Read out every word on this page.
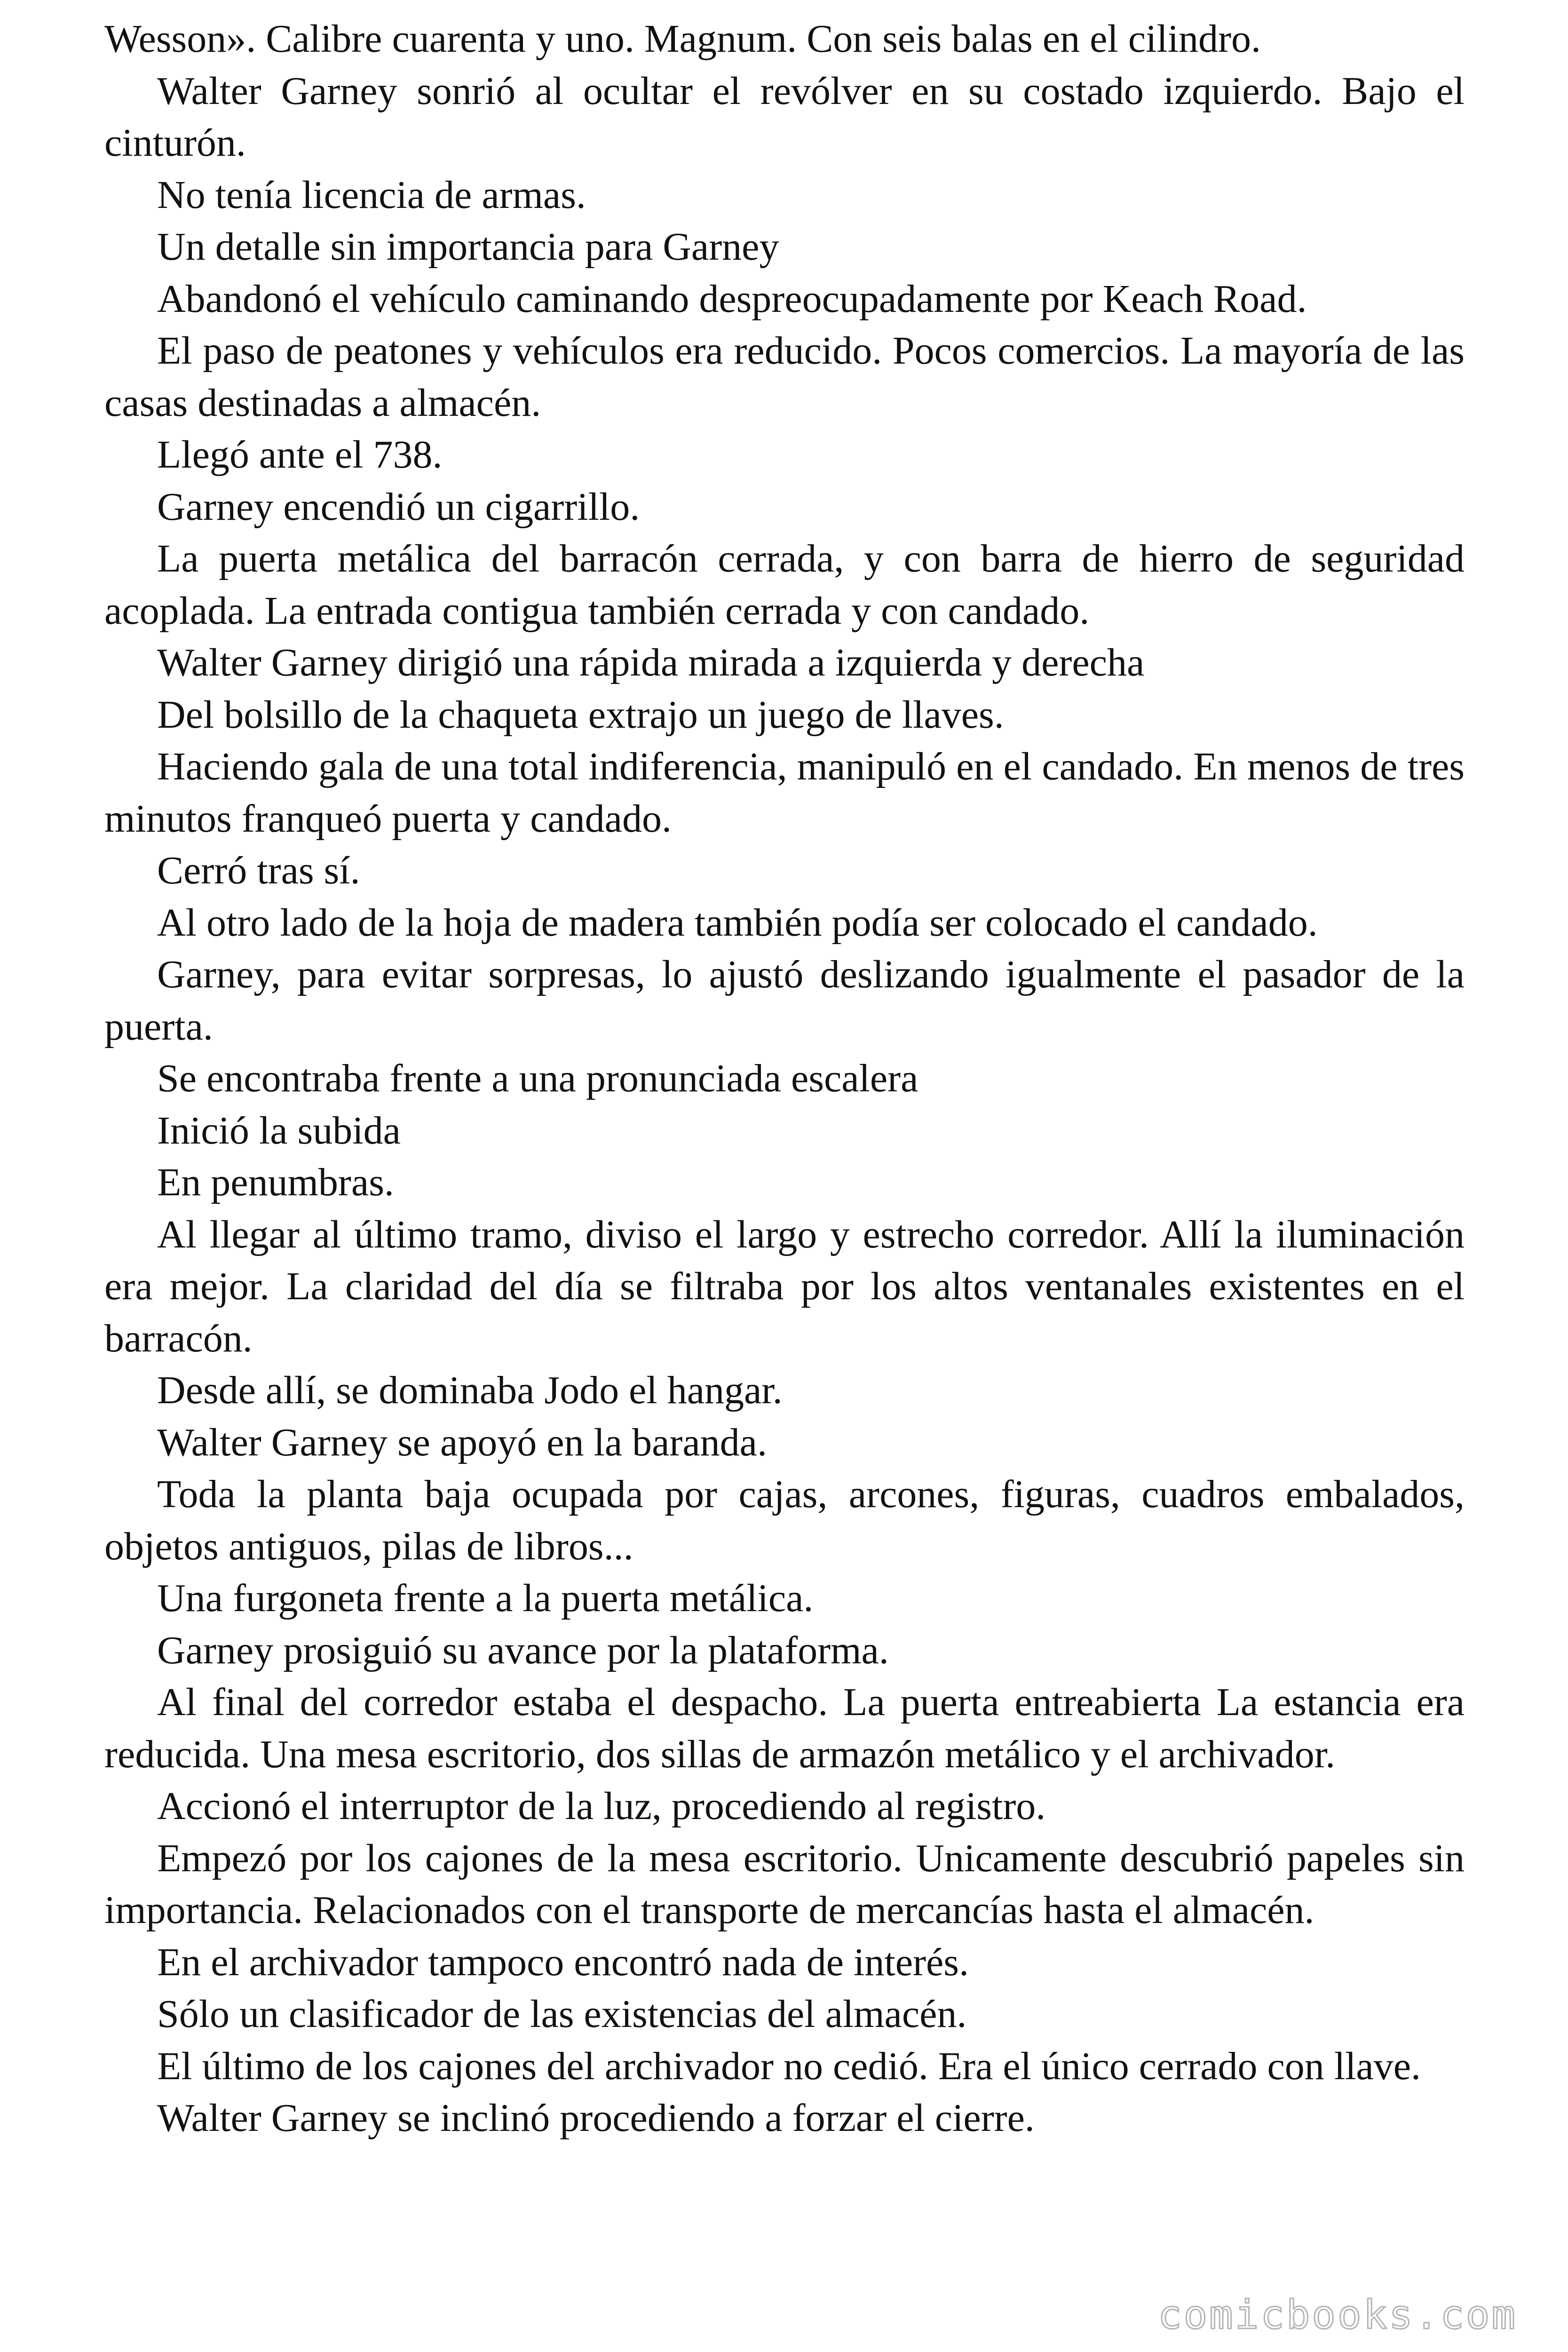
Wesson». Calibre cuarenta y uno. Magnum. Con seis balas en el cilindro.

Walter Garney sonrió al ocultar el revólver en su costado izquierdo. Bajo el cinturón.

No tenía licencia de armas.

Un detalle sin importancia para Garney

Abandonó el vehículo caminando despreocupadamente por Keach Road.

El paso de peatones y vehículos era reducido. Pocos comercios. La mayoría de las casas destinadas a almacén.

Llegó ante el 738.

Garney encendió un cigarrillo.

La puerta metálica del barracón cerrada, y con barra de hierro de seguridad acoplada. La entrada contigua también cerrada y con candado.

Walter Garney dirigió una rápida mirada a izquierda y derecha

Del bolsillo de la chaqueta extrajo un juego de llaves.

Haciendo gala de una total indiferencia, manipuló en el candado. En menos de tres minutos franqueó puerta y candado.

Cerró tras sí.

Al otro lado de la hoja de madera también podía ser colocado el candado.

Garney, para evitar sorpresas, lo ajustó deslizando igualmente el pasador de la puerta.

Se encontraba frente a una pronunciada escalera

Inició la subida

En penumbras.

Al llegar al último tramo, diviso el largo y estrecho corredor. Allí la iluminación era mejor. La claridad del día se filtraba por los altos ventanales existentes en el barracón.

Desde allí, se dominaba Jodo el hangar.

Walter Garney se apoyó en la baranda.

Toda la planta baja ocupada por cajas, arcones, figuras, cuadros embalados, objetos antiguos, pilas de libros...

Una furgoneta frente a la puerta metálica.

Garney prosiguió su avance por la plataforma.

Al final del corredor estaba el despacho. La puerta entreabierta La estancia era reducida. Una mesa escritorio, dos sillas de armazón metálico y el archivador.

Accionó el interruptor de la luz, procediendo al registro.

Empezó por los cajones de la mesa escritorio. Unicamente descubrió papeles sin importancia. Relacionados con el transporte de mercancías hasta el almacén.

En el archivador tampoco encontró nada de interés.

Sólo un clasificador de las existencias del almacén.

El último de los cajones del archivador no cedió. Era el único cerrado con llave.

Walter Garney se inclinó procediendo a forzar el cierre.

comicbooks.com
